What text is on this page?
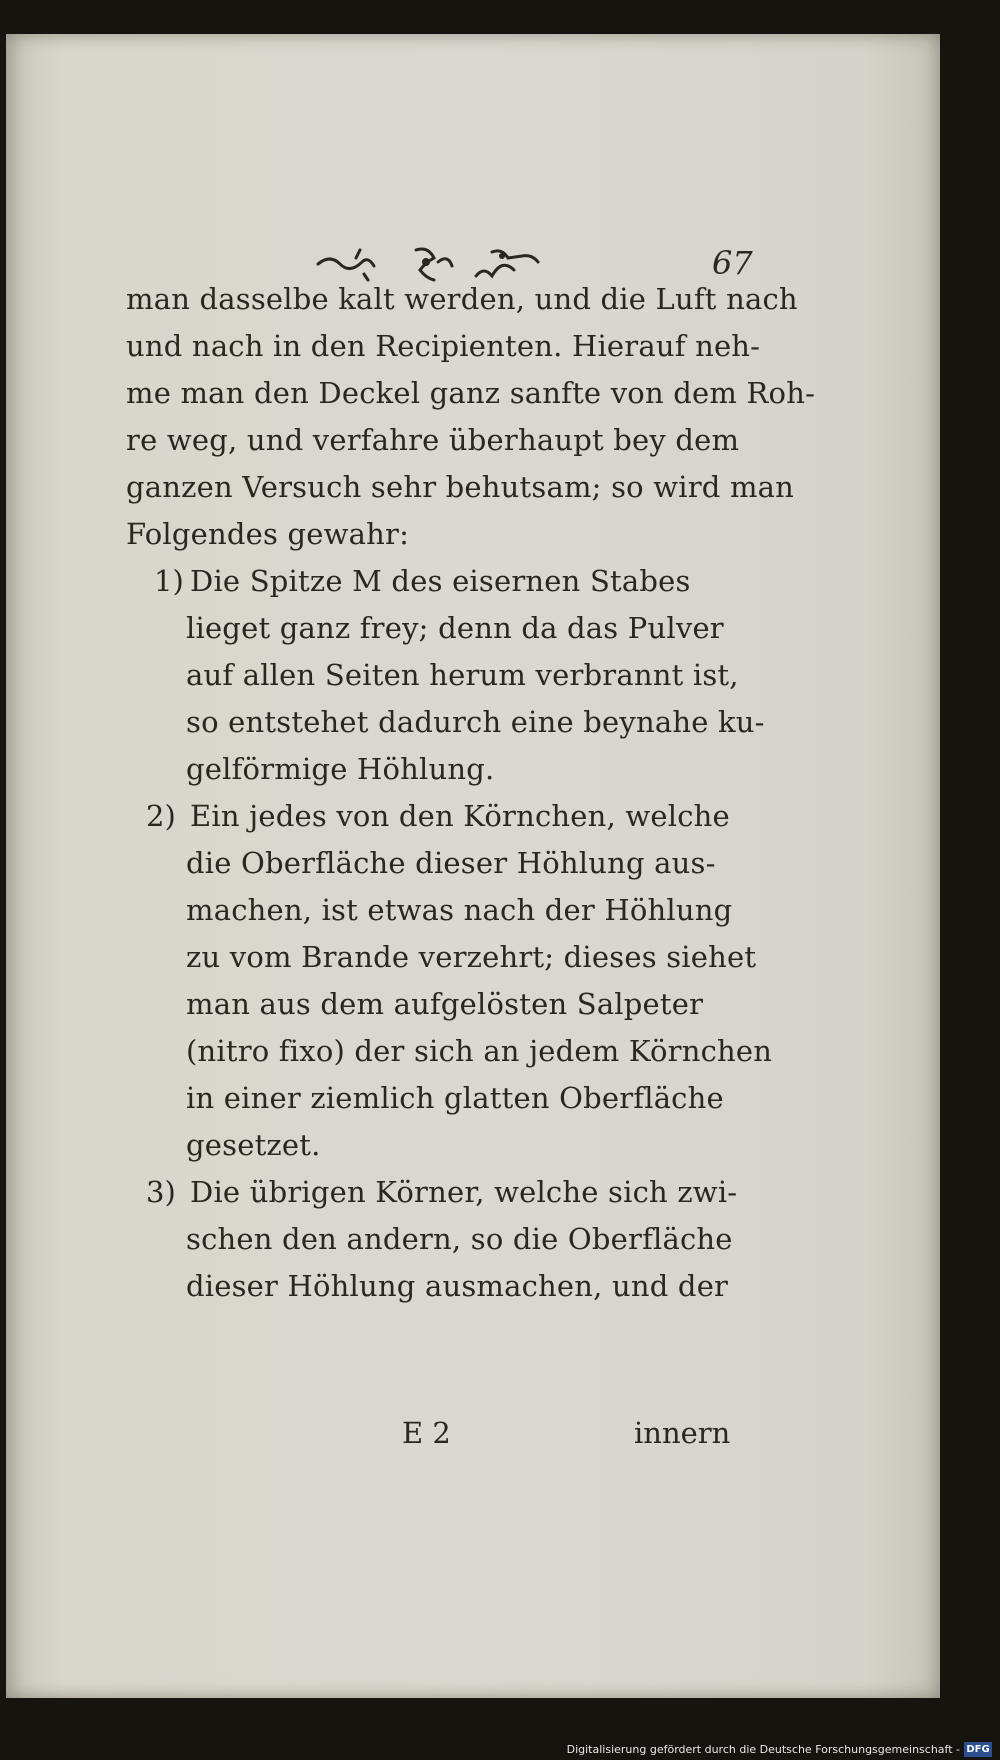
67
man dasselbe kalt werden, und die Luft nach
und nach in den Recipienten. Hierauf neh-
me man den Deckel ganz sanfte von dem Roh-
re weg, und verfahre überhaupt bey dem
ganzen Versuch sehr behutsam; so wird man
Folgendes gewahr:
1) Die Spitze M des eisernen Stabes
lieget ganz frey; denn da das Pulver
auf allen Seiten herum verbrannt ist,
so entstehet dadurch eine beynahe ku-
gelförmige Höhlung.
2) Ein jedes von den Körnchen, welche
die Oberfläche dieser Höhlung aus-
machen, ist etwas nach der Höhlung
zu vom Brande verzehrt; dieses siehet
man aus dem aufgelösten Salpeter
(nitro fixo) der sich an jedem Körnchen
in einer ziemlich glatten Oberfläche
gesetzet.
3) Die übrigen Körner, welche sich zwi-
schen den andern, so die Oberfläche
dieser Höhlung ausmachen, und der
E 2	innern
Digitalisierung gefördert durch die Deutsche Forschungsgemeinschaft - DFG
